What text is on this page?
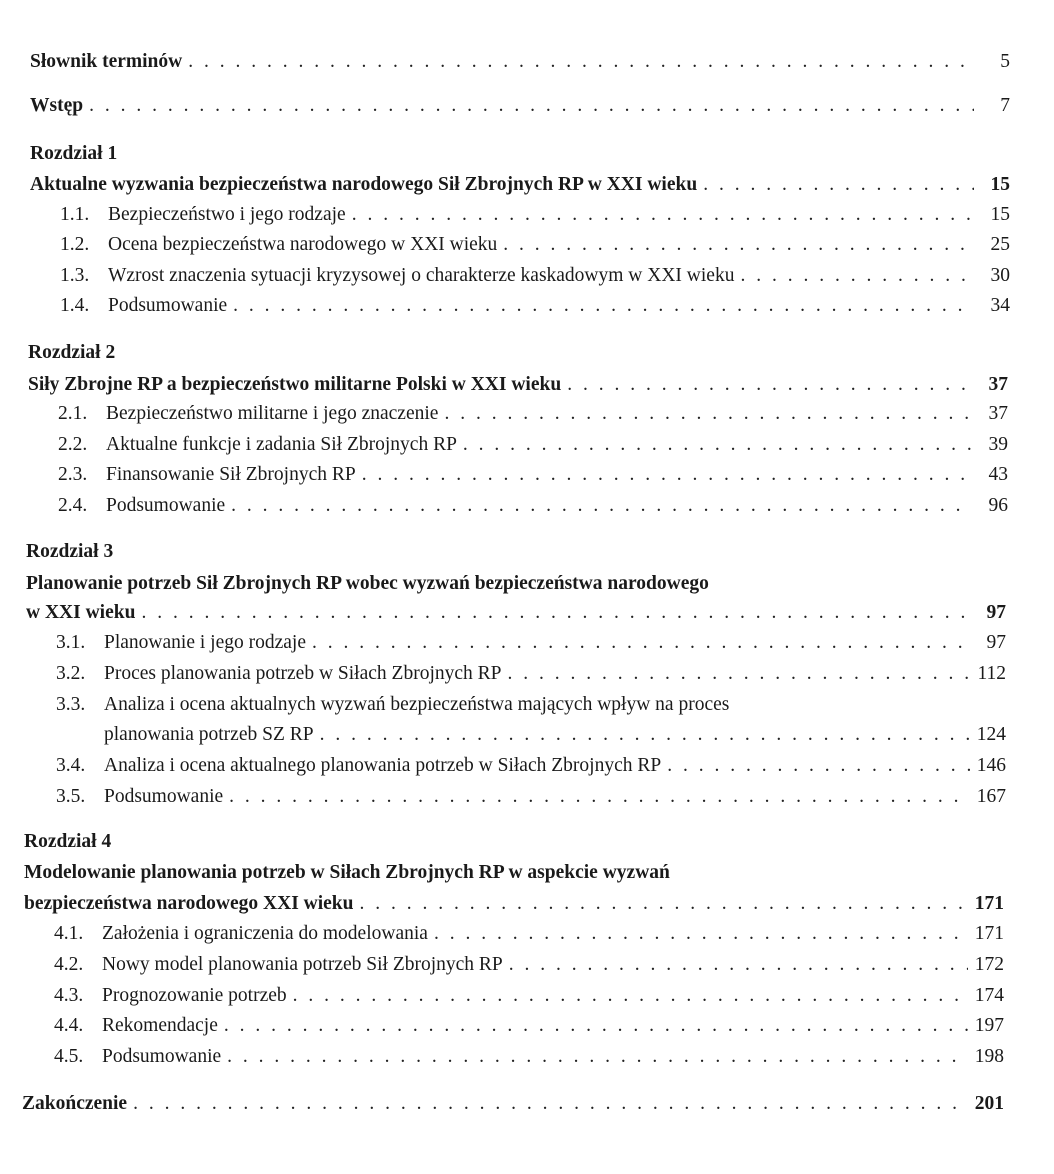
Słownik terminów . . .	5
Wstęp . . .	7
Rozdział 1
Aktualne wyzwania bezpieczeństwa narodowego Sił Zbrojnych RP w XXI wieku . . .	15
1.1. Bezpieczeństwo i jego rodzaje . . .	15
1.2. Ocena bezpieczeństwa narodowego w XXI wieku . . .	25
1.3. Wzrost znaczenia sytuacji kryzysowej o charakterze kaskadowym w XXI wieku . . .	30
1.4. Podsumowanie . . .	34
Rozdział 2
Siły Zbrojne RP a bezpieczeństwo militarne Polski w XXI wieku . . .	37
2.1. Bezpieczeństwo militarne i jego znaczenie . . .	37
2.2. Aktualne funkcje i zadania Sił Zbrojnych RP . . .	39
2.3. Finansowanie Sił Zbrojnych RP . . .	43
2.4. Podsumowanie . . .	96
Rozdział 3
Planowanie potrzeb Sił Zbrojnych RP wobec wyzwań bezpieczeństwa narodowego
w XXI wieku . . .	97
3.1. Planowanie i jego rodzaje . . .	97
3.2. Proces planowania potrzeb w Siłach Zbrojnych RP . . .	112
3.3. Analiza i ocena aktualnych wyzwań bezpieczeństwa mających wpływ na proces
planowania potrzeb SZ RP . . .	124
3.4. Analiza i ocena aktualnego planowania potrzeb w Siłach Zbrojnych RP . . .	146
3.5. Podsumowanie . . .	167
Rozdział 4
Modelowanie planowania potrzeb w Siłach Zbrojnych RP w aspekcie wyzwań
bezpieczeństwa narodowego XXI wieku . . .	171
4.1. Założenia i ograniczenia do modelowania . . .	171
4.2. Nowy model planowania potrzeb Sił Zbrojnych RP . . .	172
4.3. Prognozowanie potrzeb . . .	174
4.4. Rekomendacje . . .	197
4.5. Podsumowanie . . .	198
Zakończenie . . .	201
